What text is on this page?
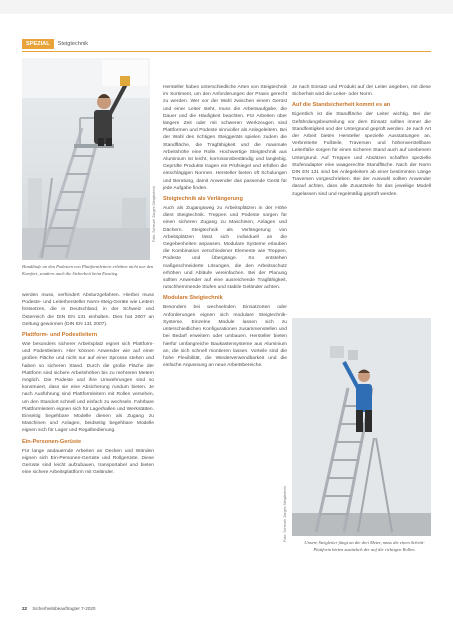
SPEZIAL	Steigtechnik
Foto: Scheuch Zarges Steigtechnik
Handläufe an den Podesten von Plattformleitern erhöhen nicht nur den Komfort, sondern auch die Sicherheit beim Einstieg.

werden muss, verhindert Absturzgefahren. Hierbei muss Podeste- und Leiterhersteller Norm-Steig-Geräte wie Leitern festsetzen, die in Deutschland, in der Schweiz und Österreich die DIN EN 131 einhalten. Dies hat 2007 an Geltung gewonnen (DIN EN 131 2007).

Plattform- und Podestleitern

Wie besonders sicherer Arbeitsplatz eignet sich Plattform- und Podestleitern. Hier können Anwender wie auf einer großen Fläche und nicht nur auf einer Sprosse stehen und haben so sicheren Stand. Durch die große Fläche der Plattform sind sichere Arbeitshöhen bis zu mehreren Metern möglich. Die Podeste und ihre Umwehrungen sind so konstruiert, dass sie eine Absicherung rundum bieten. Je nach Ausführung sind Plattformleitern mit Rollen versehen, um den Standort schnell und einfach zu wechseln. Fahrbare Plattformleitern eignen sich für Lagerhallen und Werkstätten. Einseitig begehbare Modelle dienen als Zugang zu Maschinen und Anlagen, beidseitig begehbare Modelle eignen sich für Lager und Regalbedienung.

Ein-Personen-Gerüste

Für lange andauernde Arbeiten an Decken und Wänden eignen sich Ein-Personen-Gerüste und Rollgerüste. Diese Gerüste sind leicht aufzubauen, transportabel und bieten eine sichere Arbeitsplattform mit Geländer.

Hersteller haben unterschiedliche Arten von Steigtechnik im Sortiment, um den Anforderungen der Praxis gerecht zu werden. Wer vor der Wahl zwischen einem Gerüst und einer Leiter steht, muss die Arbeitsaufgabe, die Dauer und die Häufigkeit beachten. Für Arbeiten über längere Zeit oder mit schweren Werkzeugen sind Plattformen und Podeste sinnvoller als Anlegeleitern. Bei der Wahl des richtigen Steiggeräts spielen zudem die Standfläche, die Tragfähigkeit und die maximale Arbeitshöhe eine Rolle. Hochwertige Steigtechnik aus Aluminium ist leicht, korrosionsbeständig und langlebig. Geprüfte Produkte tragen ein Prüfsiegel und erfüllen die einschlägigen Normen. Hersteller bieten oft Schulungen und Beratung, damit Anwender das passende Gerät für jede Aufgabe finden.

Steigtechnik als Verlängerung

Auch als Zugangsweg zu Arbeitsplätzen in der Höhe dient Steigtechnik. Treppen und Podeste sorgen für einen sicheren Zugang zu Maschinen, Anlagen und Dächern. Steigtechnik als Verlängerung von Arbeitsplätzen lässt sich individuell an die Gegebenheiten anpassen. Modulare Systeme erlauben die Kombination verschiedener Elemente wie Treppen, Podeste und Übergänge. So entstehen maßgeschneiderte Lösungen, die den Arbeitsschutz erhöhen und Abläufe vereinfachen. Bei der Planung sollten Anwender auf eine ausreichende Tragfähigkeit, rutschhemmende Stufen und stabile Geländer achten.

Modulare Steigtechnik

Besonders bei wechselnden Einsatzorten oder Anforderungen eignen sich modulare Steigtechnik-Systeme. Einzelne Module lassen sich zu unterschiedlichen Konfigurationen zusammenstellen und bei Bedarf erweitern oder umbauen. Hersteller bieten hierfür umfangreiche Baukastensysteme aus Aluminium an, die sich schnell montieren lassen. Vorteile sind die hohe Flexibilität, die Wiederverwendbarkeit und die einfache Anpassung an neue Arbeitsbereiche.

Je nach Einsatz und Produkt auf der Leiter angeben, mit diese Sicherheit wird die Leiter- oder Norm.

Auf die Standsicherheit kommt es an

Eigentlich ist die Standfläche der Leiter wichtig. Bei der Gefährdungsbeurteilung vor dem Einsatz sollten immer die Standfestigkeit und der Untergrund geprüft werden. Je nach Art der Arbeit bieten Hersteller spezielle Ausstattungen an. Verbreiterte Fußteile, Traversen und höhenverstellbare Leiterfüße sorgen für einen sicheren Stand auch auf unebenem Untergrund. Auf Treppen und Absätzen schaffen spezielle Stufenadapter eine waagerechte Standfläche. Nach der Norm DIN EN 131 sind bei Anlegeleitern ab einer bestimmten Länge Traversen vorgeschrieben. Bei der Auswahl sollten Anwender darauf achten, dass alle Zusatzteile für das jeweilige Modell zugelassen sind und regelmäßig geprüft werden.

Foto: Scheuch Zarges Steigtechnik
Unsere Steigleiter fängt an die drei Meter, muss die einen Schritt-Plattform bieten zusätzlich der auf die richtigen Rollen.
22 Sicherheitsbeauftragter 7-2020
